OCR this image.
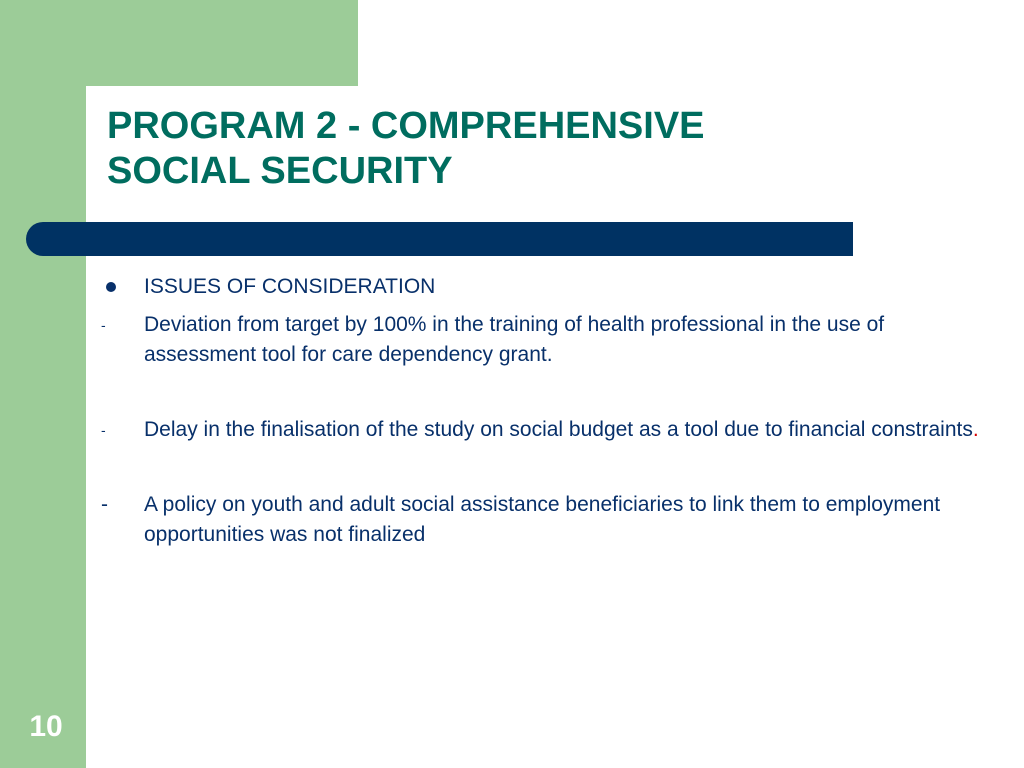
PROGRAM 2 - COMPREHENSIVE
SOCIAL SECURITY
ISSUES OF CONSIDERATION
- Deviation from target by 100% in the training of health professional in the use of assessment tool for care dependency grant.
- Delay in the finalisation of the study on social budget as a tool due to financial constraints.
- A policy on youth and adult social assistance beneficiaries to link them to employment opportunities was not finalized
10
